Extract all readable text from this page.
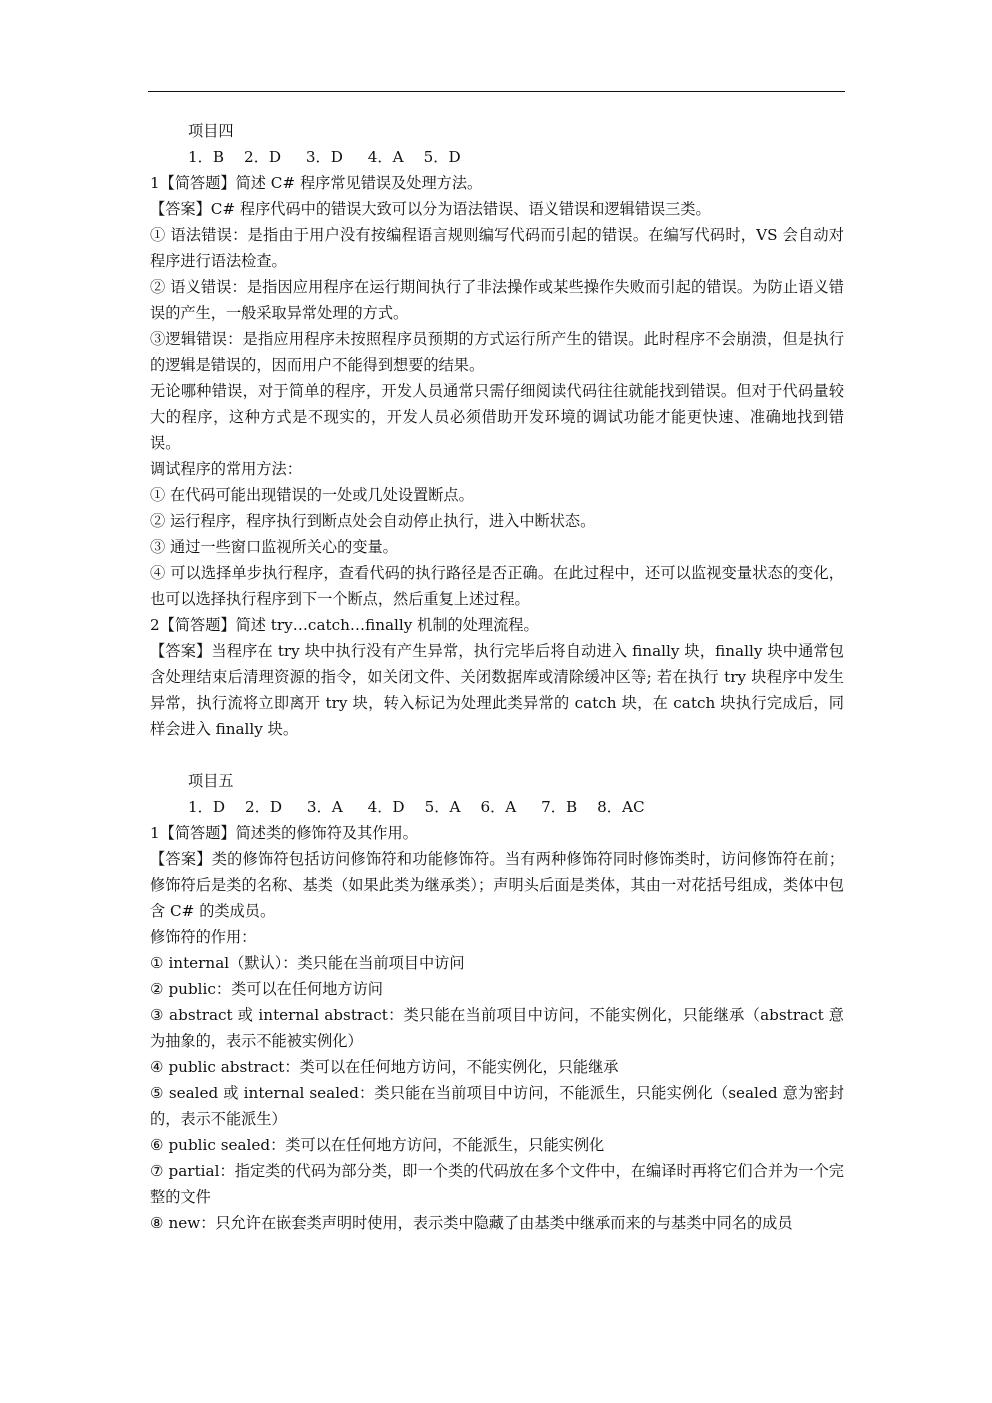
项目四

1．B　 2．D　  3．D　  4．A　 5．D

1【简答题】简述 C# 程序常见错误及处理方法。

【答案】C# 程序代码中的错误大致可以分为语法错误、语义错误和逻辑错误三类。

① 语法错误：是指由于用户没有按编程语言规则编写代码而引起的错误。在编写代码时，VS 会自动对程序进行语法检查。

② 语义错误：是指因应用程序在运行期间执行了非法操作或某些操作失败而引起的错误。为防止语义错误的产生，一般采取异常处理的方式。

③逻辑错误：是指应用程序未按照程序员预期的方式运行所产生的错误。此时程序不会崩溃，但是执行的逻辑是错误的，因而用户不能得到想要的结果。

无论哪种错误，对于简单的程序，开发人员通常只需仔细阅读代码往往就能找到错误。但对于代码量较大的程序，这种方式是不现实的，开发人员必须借助开发环境的调试功能才能更快速、准确地找到错误。

调试程序的常用方法：

① 在代码可能出现错误的一处或几处设置断点。

② 运行程序，程序执行到断点处会自动停止执行，进入中断状态。

③ 通过一些窗口监视所关心的变量。

④ 可以选择单步执行程序，查看代码的执行路径是否正确。在此过程中，还可以监视变量状态的变化，也可以选择执行程序到下一个断点，然后重复上述过程。

2【简答题】简述 try…catch…finally 机制的处理流程。

【答案】当程序在 try 块中执行没有产生异常，执行完毕后将自动进入 finally 块，finally 块中通常包含处理结束后清理资源的指令，如关闭文件、关闭数据库或清除缓冲区等; 若在执行 try 块程序中发生异常，执行流将立即离开 try 块，转入标记为处理此类异常的 catch 块，在 catch 块执行完成后，同样会进入 finally 块。

项目五

1．D　 2．D　  3．A　  4．D　 5．A　 6．A　  7．B　 8．AC

1【简答题】简述类的修饰符及其作用。

【答案】类的修饰符包括访问修饰符和功能修饰符。当有两种修饰符同时修饰类时，访问修饰符在前；修饰符后是类的名称、基类（如果此类为继承类）；声明头后面是类体，其由一对花括号组成，类体中包含 C# 的类成员。

修饰符的作用：

① internal（默认）：类只能在当前项目中访问

② public：类可以在任何地方访问

③ abstract 或 internal abstract：类只能在当前项目中访问，不能实例化，只能继承（abstract 意为抽象的，表示不能被实例化）

④ public abstract：类可以在任何地方访问，不能实例化，只能继承

⑤ sealed 或 internal sealed：类只能在当前项目中访问，不能派生，只能实例化（sealed 意为密封的，表示不能派生）

⑥ public sealed：类可以在任何地方访问，不能派生，只能实例化

⑦ partial：指定类的代码为部分类，即一个类的代码放在多个文件中，在编译时再将它们合并为一个完整的文件

⑧ new：只允许在嵌套类声明时使用，表示类中隐藏了由基类中继承而来的与基类中同名的成员
